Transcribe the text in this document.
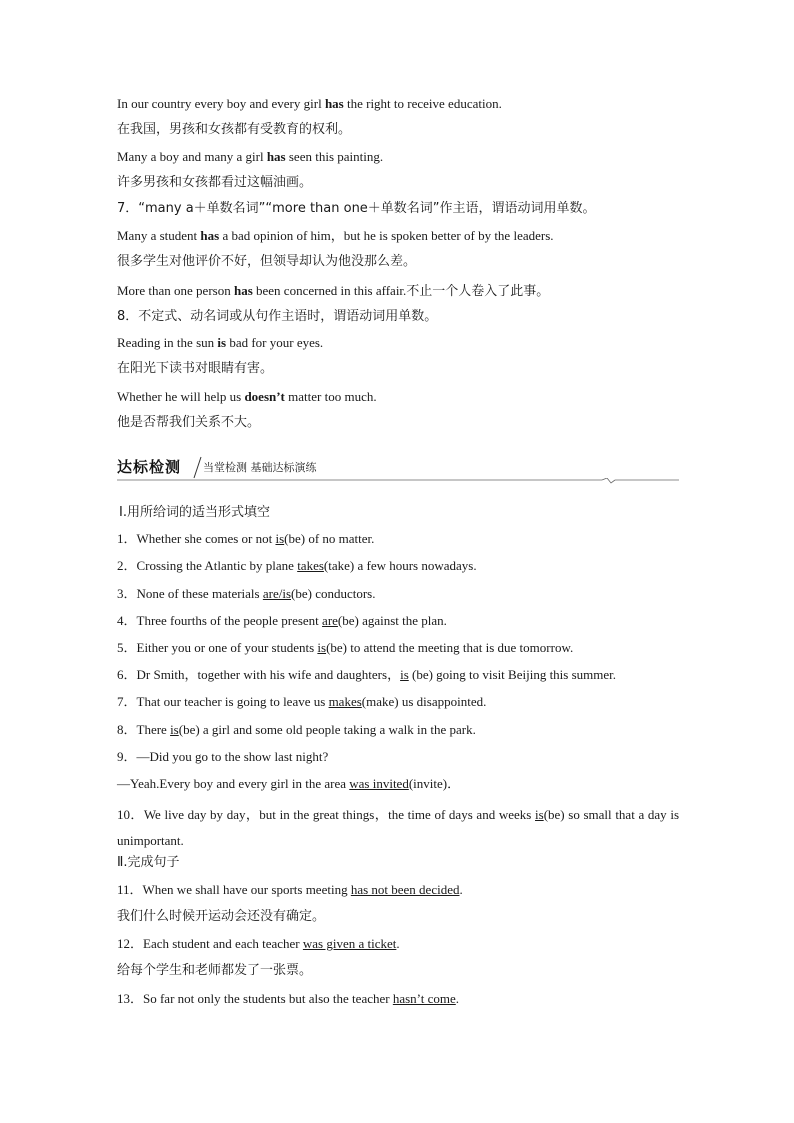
In our country every boy and every girl has the right to receive education.
在我国，男孩和女孩都有受教育的权利。
Many a boy and many a girl has seen this painting.
许多男孩和女孩都看过这幅油画。
7．“many a＋单数名词”“more than one＋单数名词”作主语，谓语动词用单数。
Many a student has a bad opinion of him，but he is spoken better of by the leaders.
很多学生对他评价不好，但领导却认为他没那么差。
More than one person has been concerned in this affair.不止一个人卷入了此事。
8．不定式、动名词或从句作主语时，谓语动词用单数。
Reading in the sun is bad for your eyes.
在阳光下读书对眼睛有害。
Whether he will help us doesn’t matter too much.
他是否帮我们关系不大。
达标检测 当堂检测 基础达标演练
Ⅰ.用所给词的适当形式填空
1．Whether she comes or not is(be) of no matter.
2．Crossing the Atlantic by plane takes(take) a few hours nowadays.
3．None of these materials are/is(be) conductors.
4．Three fourths of the people present are(be) against the plan.
5．Either you or one of your students is(be) to attend the meeting that is due tomorrow.
6．Dr Smith，together with his wife and daughters，is (be) going to visit Beijing this summer.
7．That our teacher is going to leave us makes(make) us disappointed.
8．There is(be) a girl and some old people taking a walk in the park.
9．—Did you go to the show last night?
—Yeah.Every boy and every girl in the area was invited(invite)．
10．We live day by day，but in the great things，the time of days and weeks is(be) so small that a day is unimportant.
Ⅱ.完成句子
11．When we shall have our sports meeting has not been decided.
我们什么时候开运动会还没有确定。
12．Each student and each teacher was given a ticket.
给每个学生和老师都发了一张票。
13．So far not only the students but also the teacher hasn’t come.
